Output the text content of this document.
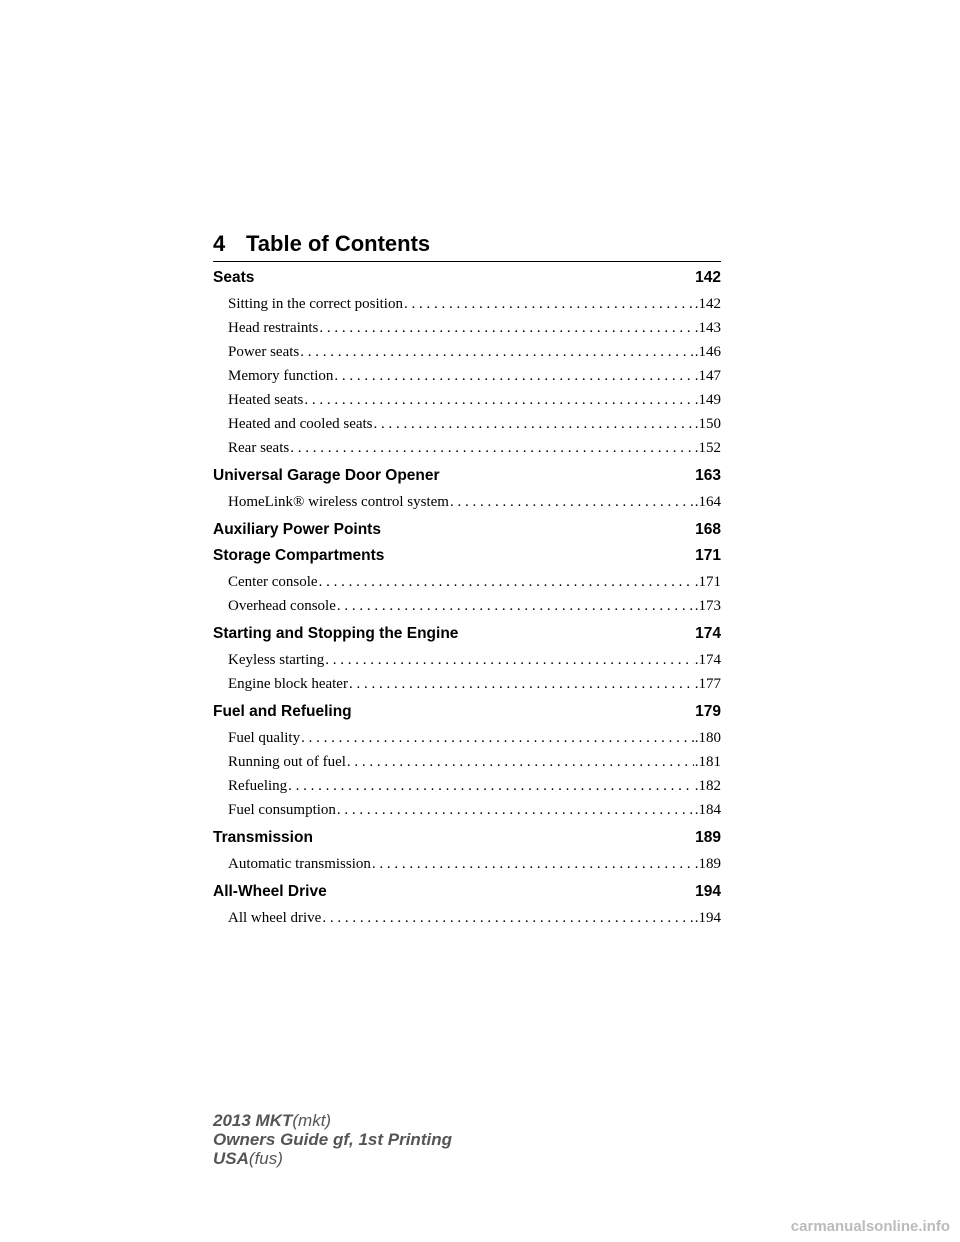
4 Table of Contents
Seats	142
Sitting in the correct position . . .	.142
Head restraints . . .	.143
Power seats . . .	.146
Memory function . . .	.147
Heated seats . . .	.149
Heated and cooled seats . . .	.150
Rear seats . . .	.152
Universal Garage Door Opener	163
HomeLink® wireless control system . . .	.164
Auxiliary Power Points	168
Storage Compartments	171
Center console . . .	.171
Overhead console . . .	.173
Starting and Stopping the Engine	174
Keyless starting . . .	.174
Engine block heater . . .	.177
Fuel and Refueling	179
Fuel quality . . .	.180
Running out of fuel . . .	.181
Refueling . . .	.182
Fuel consumption . . .	.184
Transmission	189
Automatic transmission . . .	.189
All-Wheel Drive	194
All wheel drive . . .	.194
2013 MKT(mkt)
Owners Guide gf, 1st Printing
USA(fus)
carmanualsonline.info
